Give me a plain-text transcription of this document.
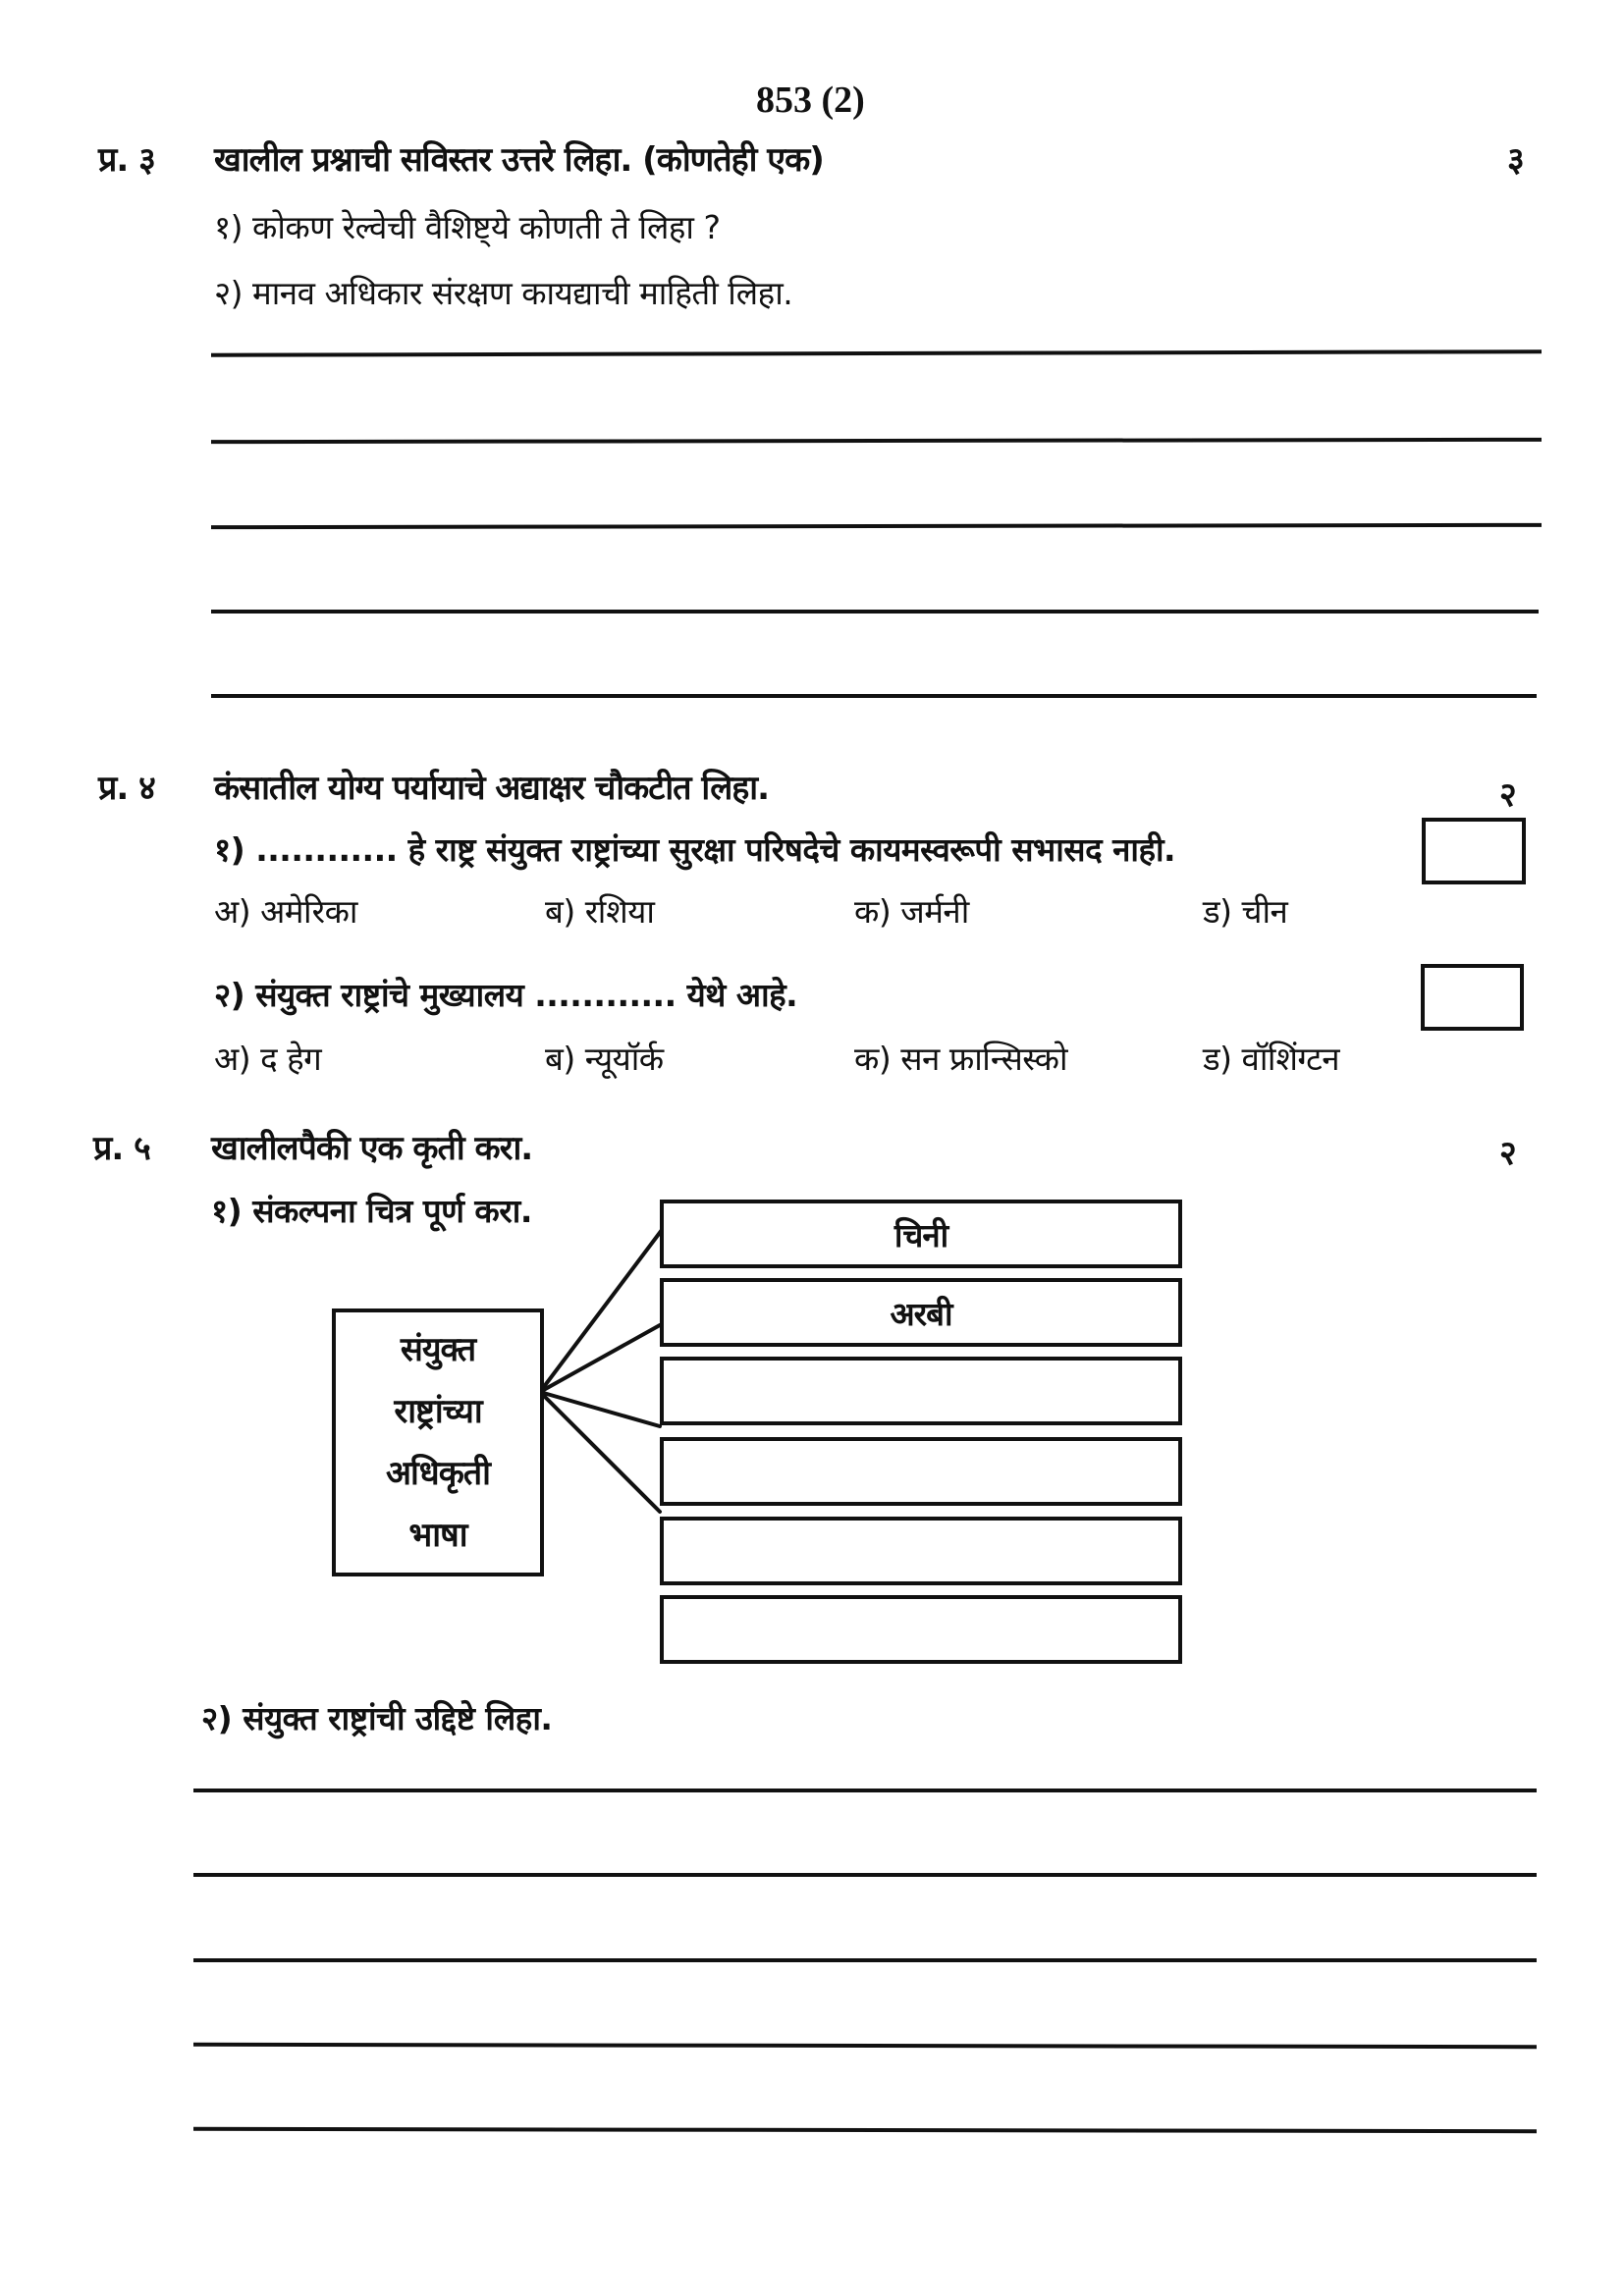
853 (2)
प्र. ३ खालील प्रश्नाची सविस्तर उत्तरे लिहा. (कोणतेही एक)	३
१) कोकण रेल्वेची वैशिष्ट्ये कोणती ते लिहा ?
२) मानव अधिकार संरक्षण कायद्याची माहिती लिहा.
प्र. ४ कंसातील योग्य पर्यायाचे अद्याक्षर चौकटीत लिहा.	२
१) ............ हे राष्ट्र संयुक्त राष्ट्रांच्या सुरक्षा परिषदेचे कायमस्वरूपी सभासद नाही.
अ) अमेरिका	ब) रशिया	क) जर्मनी	ड) चीन
२) संयुक्त राष्ट्रांचे मुख्यालय ............ येथे आहे.
अ) द हेग	ब) न्यूयॉर्क	क) सन फ्रान्सिस्को	ड) वॉशिंग्टन
प्र. ५ खालीलपैकी एक कृती करा.	२
१) संकल्पना चित्र पूर्ण करा.
संयुक्त
राष्ट्रांच्या
अधिकृती
भाषा
चिनी
अरबी
२) संयुक्त राष्ट्रांची उद्दिष्टे लिहा.
